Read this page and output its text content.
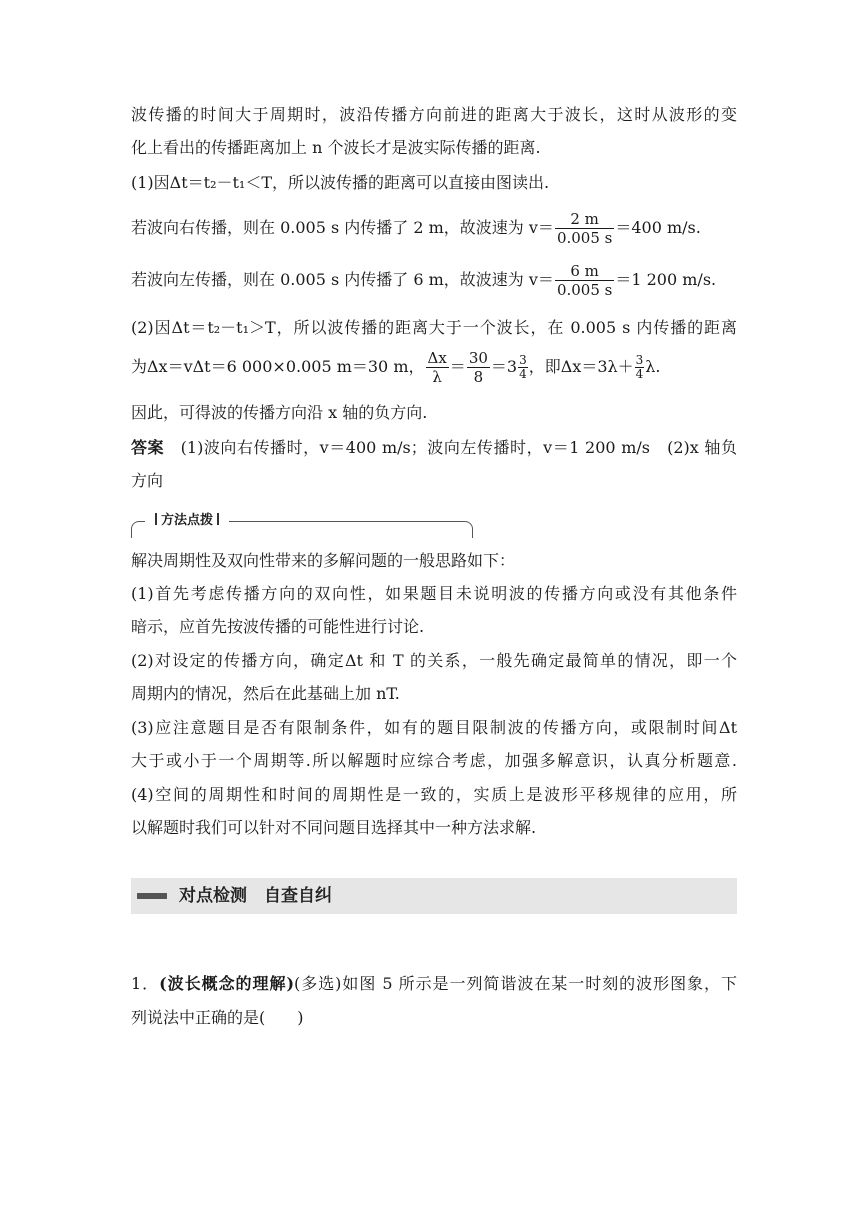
波传播的时间大于周期时，波沿传播方向前进的距离大于波长，这时从波形的变
化上看出的传播距离加上 n 个波长才是波实际传播的距离.
(1)因Δt＝t₂－t₁＜T，所以波传播的距离可以直接由图读出.
若波向右传播，则在 0.005 s 内传播了 2 m，故波速为 $v= \frac{2 m}{0.005 s} =400$ m/s.
若波向左传播，则在 0.005 s 内传播了 6 m，故波速为 $v= \frac{6 m}{0.005 s} =1$ 200 m/s.
(2)因Δt＝t₂－t₁＞T，所以波传播的距离大于一个波长，在 0.005 s 内传播的距离
为Δx＝vΔt＝6 000×0.005 m＝30 m， $\frac{\Delta x}{\lambda} = \frac{30}{8} =3 \frac{3}{4}$ ，即$\Delta x=3\lambda+ \frac{3}{4} \lambda$.
因此，可得波的传播方向沿 x 轴的负方向.
答案　 (1)波向右传播时，v＝400 m/s；波向左传播时，v＝1 200 m/s　(2)x 轴负
方向
方法点拨
解决周期性及双向性带来的多解问题的一般思路如下：
(1)首先考虑传播方向的双向性，如果题目未说明波的传播方向或没有其他条件
暗示，应首先按波传播的可能性进行讨论.
(2)对设定的传播方向，确定Δt 和 T 的关系，一般先确定最简单的情况，即一个
周期内的情况，然后在此基础上加 nT.
(3)应注意题目是否有限制条件，如有的题目限制波的传播方向，或限制时间Δt
大于或小于一个周期等.所以解题时应综合考虑，加强多解意识，认真分析题意.
(4)空间的周期性和时间的周期性是一致的，实质上是波形平移规律的应用，所
以解题时我们可以针对不同问题目选择其中一种方法求解.
对点检测　自查自纠
1．(波长概念的理解)(多选)如图 5 所示是一列简谐波在某一时刻的波形图象，下
列说法中正确的是(　　)
